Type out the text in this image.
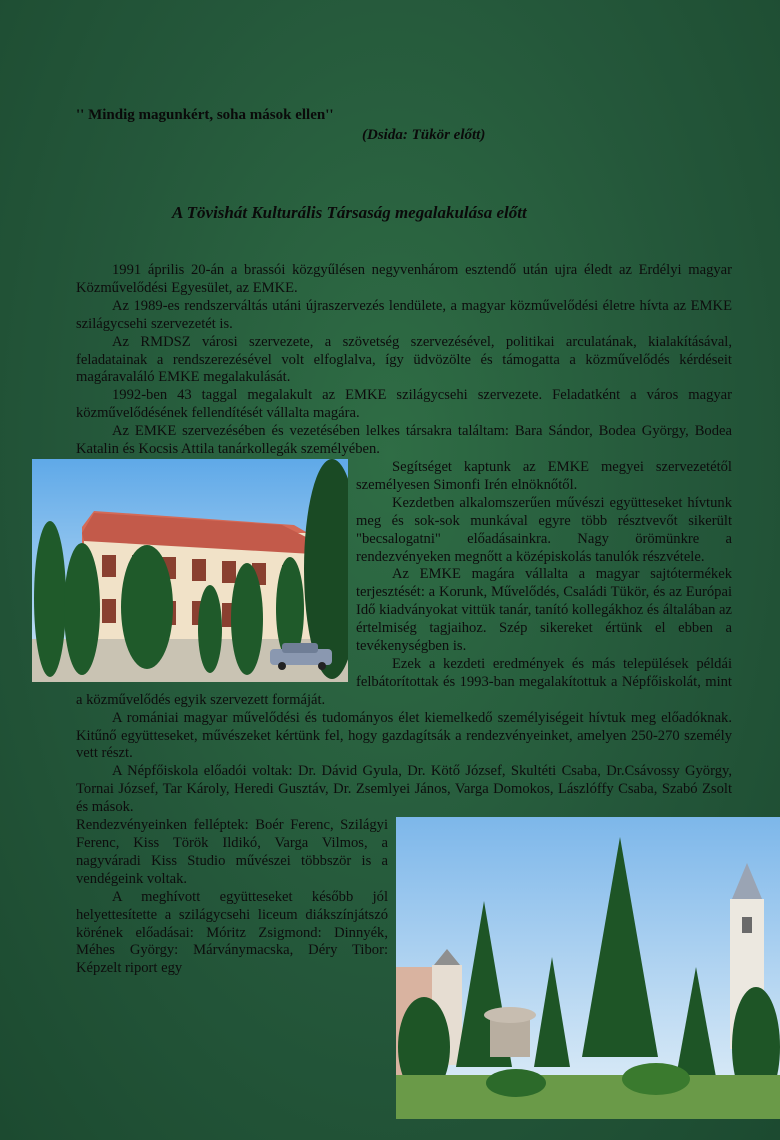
'' Mindig magunkért, soha mások ellen''
(Dsida: Tükör előtt)
A Tövishát Kulturális Társaság megalakulása előtt

1991 április 20-án a brassói közgyűlésen negyvenhárom esztendő után ujra éledt az Erdélyi magyar Közművelődési Egyesület, az EMKE.

Az 1989-es rendszerváltás utáni újraszervezés lendülete, a magyar közművelődési életre hívta az EMKE szilágycsehi szervezetét is.

Az RMDSZ városi szervezete, a szövetség szervezésével, politikai arculatának, kialakításával, feladatainak a rendszerezésével volt elfoglalva, így üdvözölte és támogatta a közművelődés kérdéseit magáravaláló EMKE megalakulását.

1992-ben 43 taggal megalakult az EMKE szilágycsehi szervezete. Feladatként a város magyar közművelődésének fellendítését vállalta magára.

Az EMKE szervezésében és vezetésében lelkes társakra találtam: Bara Sándor, Bodea György, Bodea Katalin és Kocsis Attila tanárkollegák személyében.

Segítséget kaptunk az EMKE megyei szervezetétől személyesen Simonfi Irén elnöknőtől.

Kezdetben alkalomszerűen művészi együtteseket hívtunk meg és sok-sok munkával egyre több résztvevőt sikerült "becsalogatni" előadásainkra. Nagy örömünkre a rendezvényeken megnőtt a középiskolás tanulók részvétele.

Az EMKE magára vállalta a magyar sajtótermékek terjesztését: a Korunk, Művelődés, Családi Tükör, és az Európai Idő kiadványokat vittük tanár, tanító kollegákhoz és általában az értelmiség tagjaihoz. Szép sikereket értünk el ebben a tevékenységben is.

Ezek a kezdeti eredmények és más települések példái felbátorítottak és 1993-ban megalakítottuk a Népfőiskolát, mint a közművelődés egyik szervezett formáját.

A romániai magyar művelődési és tudományos élet kiemelkedő személyiségeit hívtuk meg előadóknak. Kitűnő együtteseket, művészeket kértünk fel, hogy gazdagítsák a rendezvényeinket, amelyen 250-270 személy vett részt.

A Népfőiskola előadói voltak: Dr. Dávid Gyula, Dr. Kötő József, Skultéti Csaba, Dr.Csávossy György, Tornai József, Tar Károly, Heredi Gusztáv, Dr. Zsemlyei János, Varga Domokos, Lászlóffy Csaba, Szabó Zsolt és mások.

Rendezvényeinken felléptek: Boér Ferenc, Szilágyi Ferenc, Kiss Török Ildikó, Varga Vilmos, a nagyváradi Kiss Studio művészei többször is a vendégeink voltak.

A meghívott együtteseket később jól helyettesítette a szilágycsehi liceum diákszínjátszó körének előadásai: Móritz Zsigmond: Dinnyék, Méhes György: Márványmacska, Déry Tibor: Képzelt riport egy
